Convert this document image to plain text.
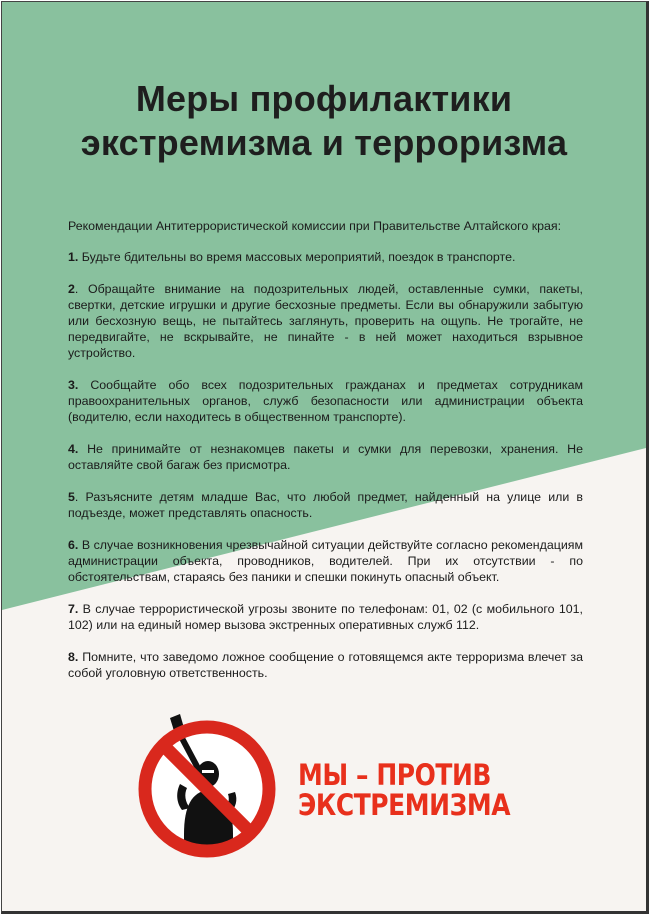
Меры профилактики
экстремизма и терроризма

Рекомендации Антитеррористической комиссии при Правительстве Алтайского края:

1. Будьте бдительны во время массовых мероприятий, поездок в транспорте.

2. Обращайте внимание на подозрительных людей, оставленные сумки, пакеты, свертки, детские игрушки и другие бесхозные предметы. Если вы обнаружили забытую или бесхозную вещь, не пытайтесь заглянуть, проверить на ощупь. Не трогайте, не передвигайте, не вскрывайте, не пинайте - в ней может находиться взрывное устройство.

3. Сообщайте обо всех подозрительных гражданах и предметах сотрудникам правоохранительных органов, служб безопасности или администрации объекта (водителю, если находитесь в общественном транспорте).

4. Не принимайте от незнакомцев пакеты и сумки для перевозки, хранения. Не оставляйте свой багаж без присмотра.

5. Разъясните детям младше Вас, что любой предмет, найденный на улице или в подъезде, может представлять опасность.

6. В случае возникновения чрезвычайной ситуации действуйте согласно рекомендациям администрации объекта, проводников, водителей. При их отсутствии - по обстоятельствам, стараясь без паники и спешки покинуть опасный объект.

7. В случае террористической угрозы звоните по телефонам: 01, 02 (с мобильного 101, 102) или на единый номер вызова экстренных оперативных служб 112.

8. Помните, что заведомо ложное сообщение о готовящемся акте терроризма влечет за собой уголовную ответственность.

МЫ – ПРОТИВ
ЭКСТРЕМИЗМА
